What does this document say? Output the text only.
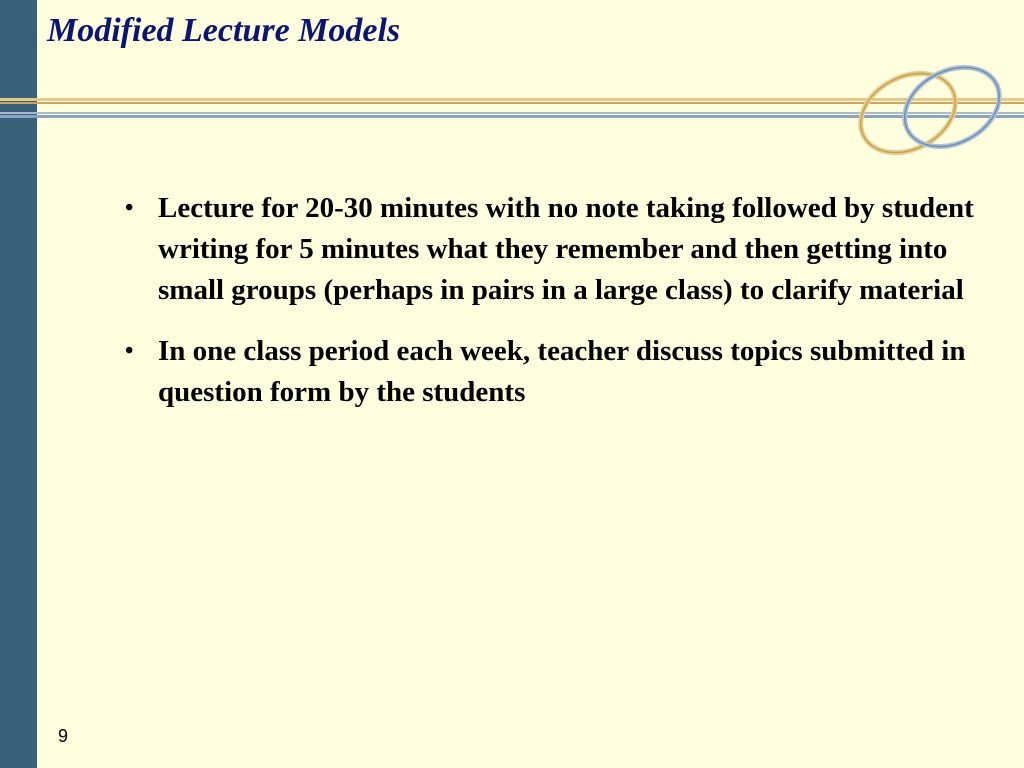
Modified Lecture Models
• Lecture for 20-30 minutes with no note taking followed by student writing for 5 minutes what they remember and then getting into small groups (perhaps in pairs in a large class) to clarify material
• In one class period each week, teacher discuss topics submitted in question form by the students
9
